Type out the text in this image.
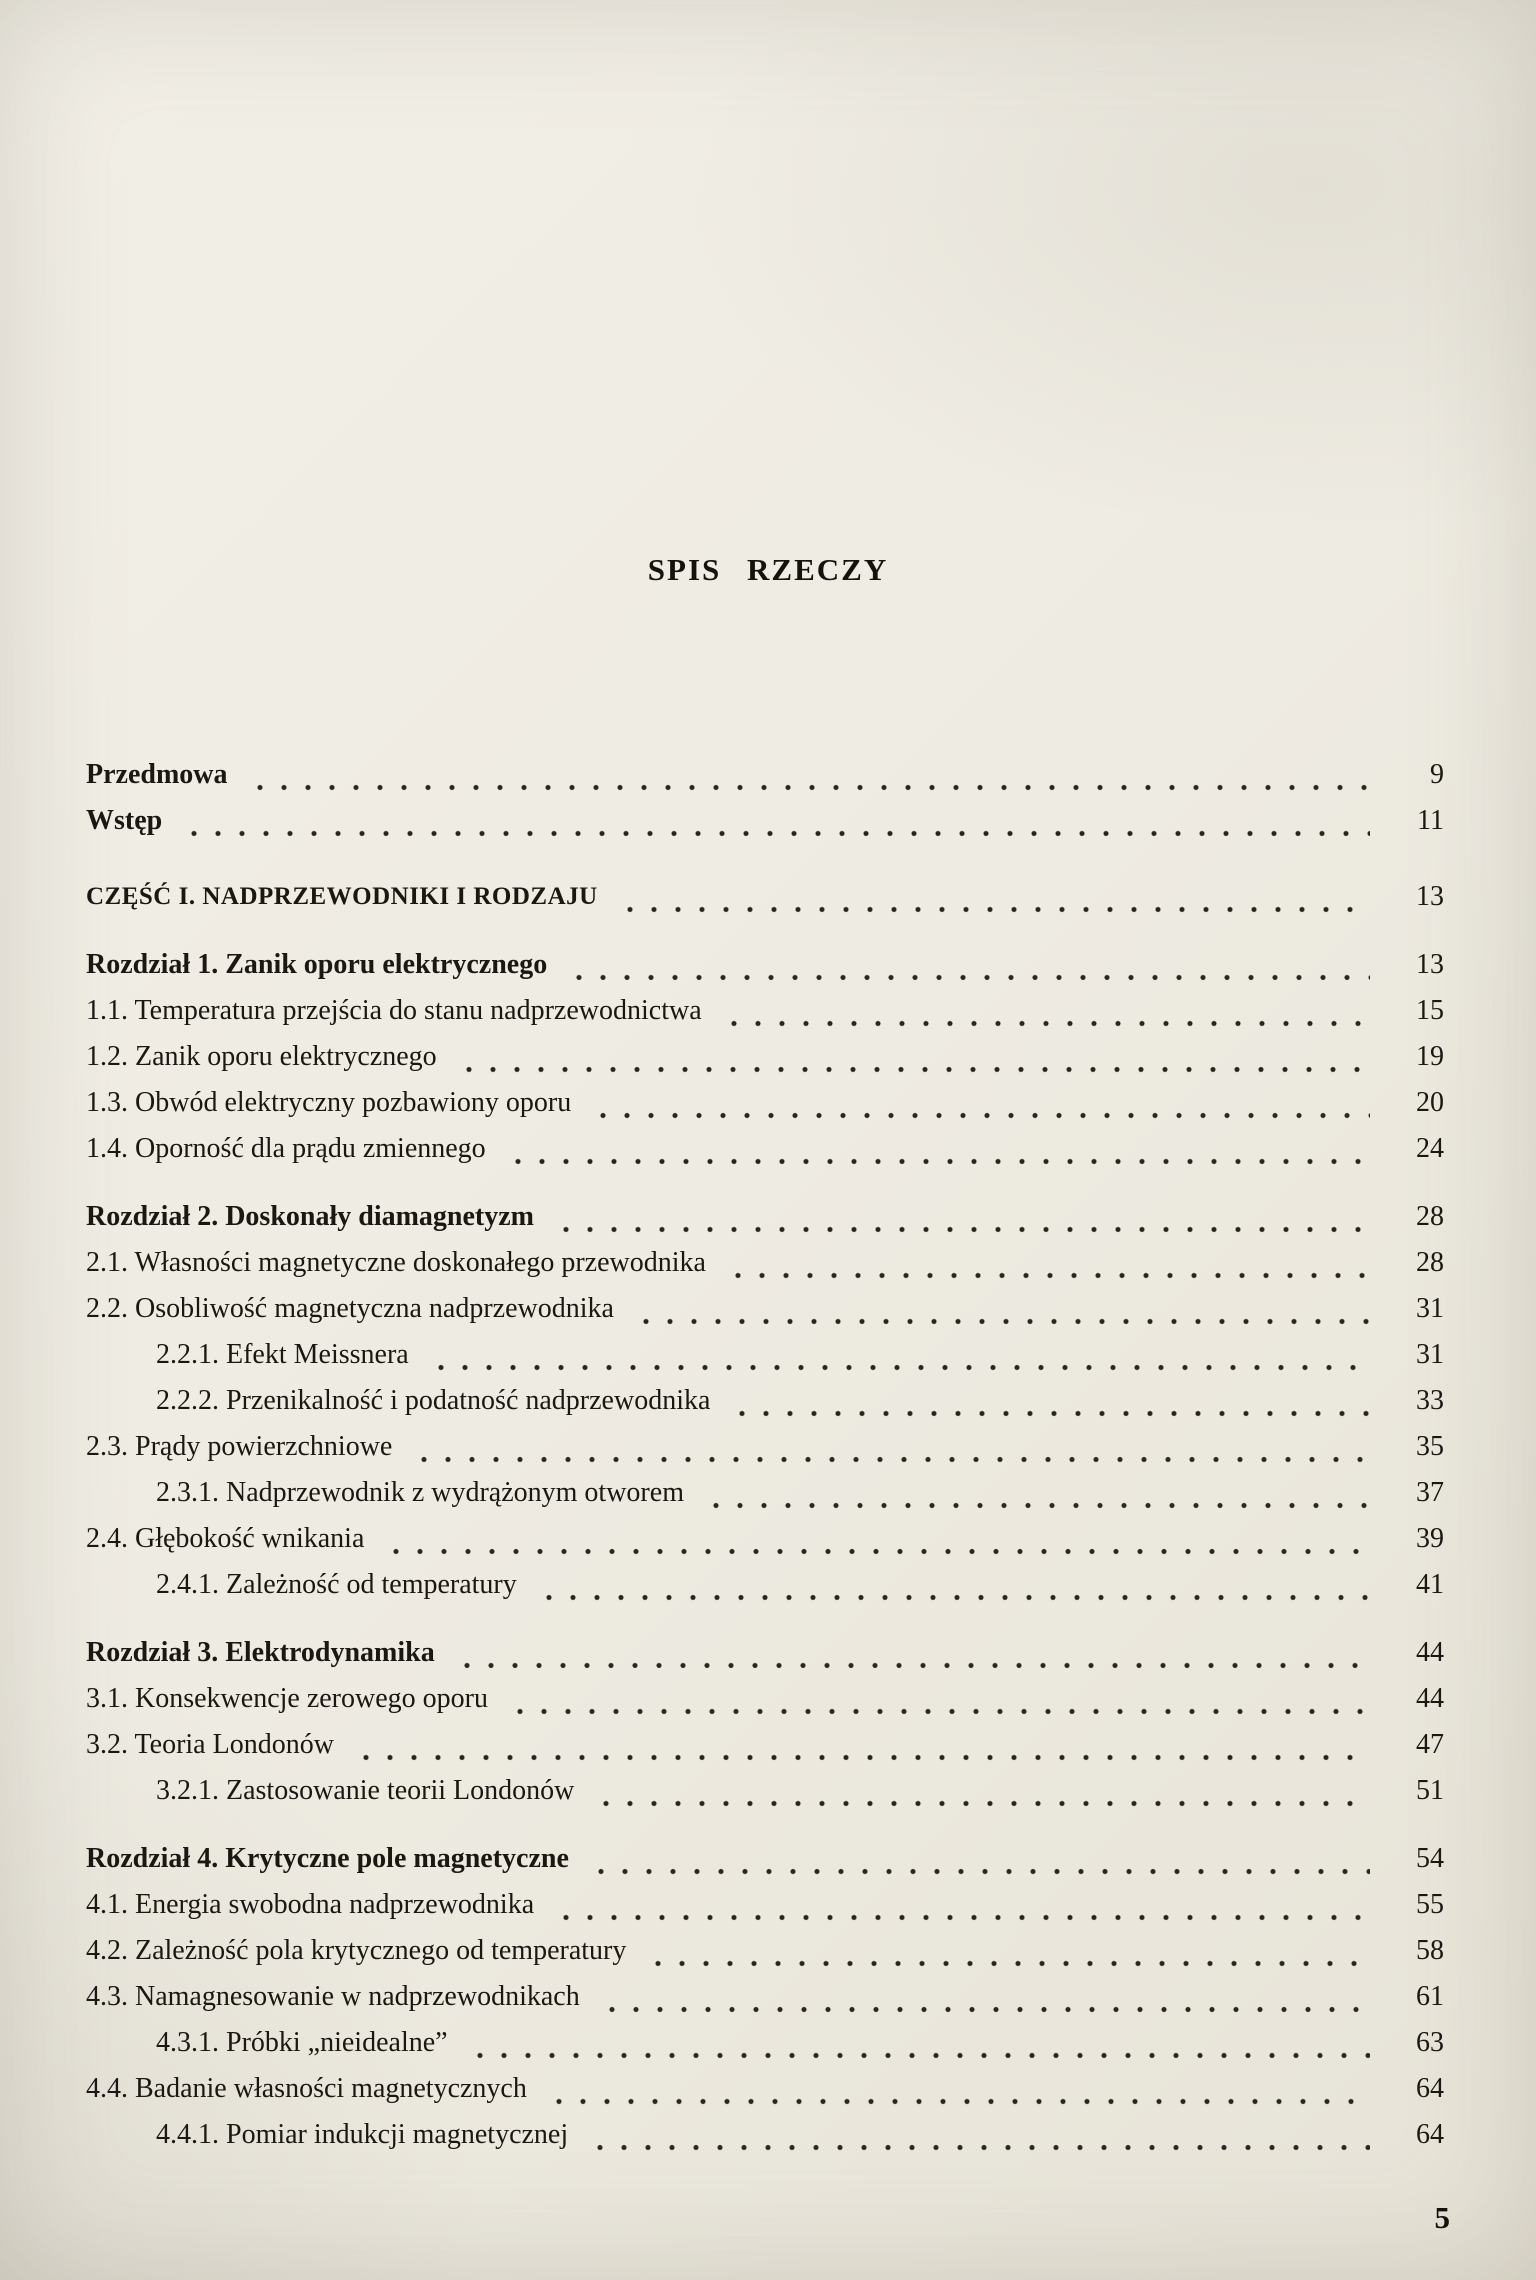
SPIS RZECZY
Przedmowa	9
Wstęp	11
CZĘŚĆ I. NADPRZEWODNIKI I RODZAJU	13
Rozdział 1. Zanik oporu elektrycznego	13
1.1. Temperatura przejścia do stanu nadprzewodnictwa	15
1.2. Zanik oporu elektrycznego	19
1.3. Obwód elektryczny pozbawiony oporu	20
1.4. Oporność dla prądu zmiennego	24
Rozdział 2. Doskonały diamagnetyzm	28
2.1. Własności magnetyczne doskonałego przewodnika	28
2.2. Osobliwość magnetyczna nadprzewodnika	31
2.2.1. Efekt Meissnera	31
2.2.2. Przenikalność i podatność nadprzewodnika	33
2.3. Prądy powierzchniowe	35
2.3.1. Nadprzewodnik z wydrążonym otworem	37
2.4. Głębokość wnikania	39
2.4.1. Zależność od temperatury	41
Rozdział 3. Elektrodynamika	44
3.1. Konsekwencje zerowego oporu	44
3.2. Teoria Londonów	47
3.2.1. Zastosowanie teorii Londonów	51
Rozdział 4. Krytyczne pole magnetyczne	54
4.1. Energia swobodna nadprzewodnika	55
4.2. Zależność pola krytycznego od temperatury	58
4.3. Namagnesowanie w nadprzewodnikach	61
4.3.1. Próbki „nieidealne”	63
4.4. Badanie własności magnetycznych	64
4.4.1. Pomiar indukcji magnetycznej	64
5
